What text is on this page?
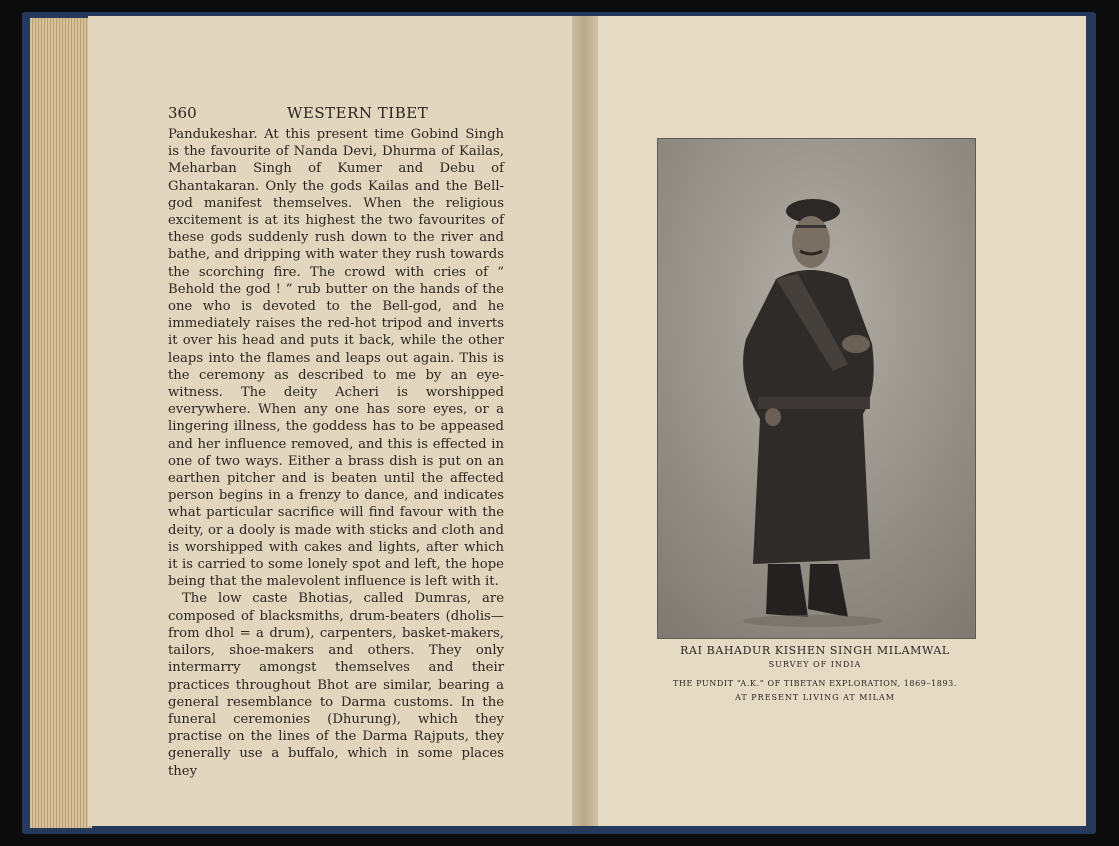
360	WESTERN TIBET

Pandukeshar. At this present time Gobind Singh is the favourite of Nanda Devi, Dhurma of Kailas, Meharban Singh of Kumer and Debu of Ghantakaran. Only the gods Kailas and the Bell-god manifest themselves. When the religious excitement is at its highest the two favourites of these gods suddenly rush down to the river and bathe, and dripping with water they rush towards the scorching fire. The crowd with cries of “ Behold the god ! ” rub butter on the hands of the one who is devoted to the Bell-god, and he immediately raises the red-hot tripod and inverts it over his head and puts it back, while the other leaps into the flames and leaps out again. This is the ceremony as described to me by an eye-witness. The deity Acheri is worshipped everywhere. When any one has sore eyes, or a lingering illness, the goddess has to be appeased and her influence removed, and this is effected in one of two ways. Either a brass dish is put on an earthen pitcher and is beaten until the affected person begins in a frenzy to dance, and indicates what particular sacrifice will find favour with the deity, or a dooly is made with sticks and cloth and is worshipped with cakes and lights, after which it is carried to some lonely spot and left, the hope being that the malevolent influence is left with it.

The low caste Bhotias, called Dumras, are composed of blacksmiths, drum-beaters (dholis—from dhol = a drum), carpenters, basket-makers, tailors, shoe-makers and others. They only intermarry amongst themselves and their practices throughout Bhot are similar, bearing a general resemblance to Darma customs. In the funeral ceremonies (Dhurung), which they practise on the lines of the Darma Rajputs, they generally use a buffalo, which in some places they

RAI BAHADUR KISHEN SINGH MILAMWAL
SURVEY OF INDIA
THE PUNDIT “A.K.” OF TIBETAN EXPLORATION, 1869–1893.
AT PRESENT LIVING AT MILAM
